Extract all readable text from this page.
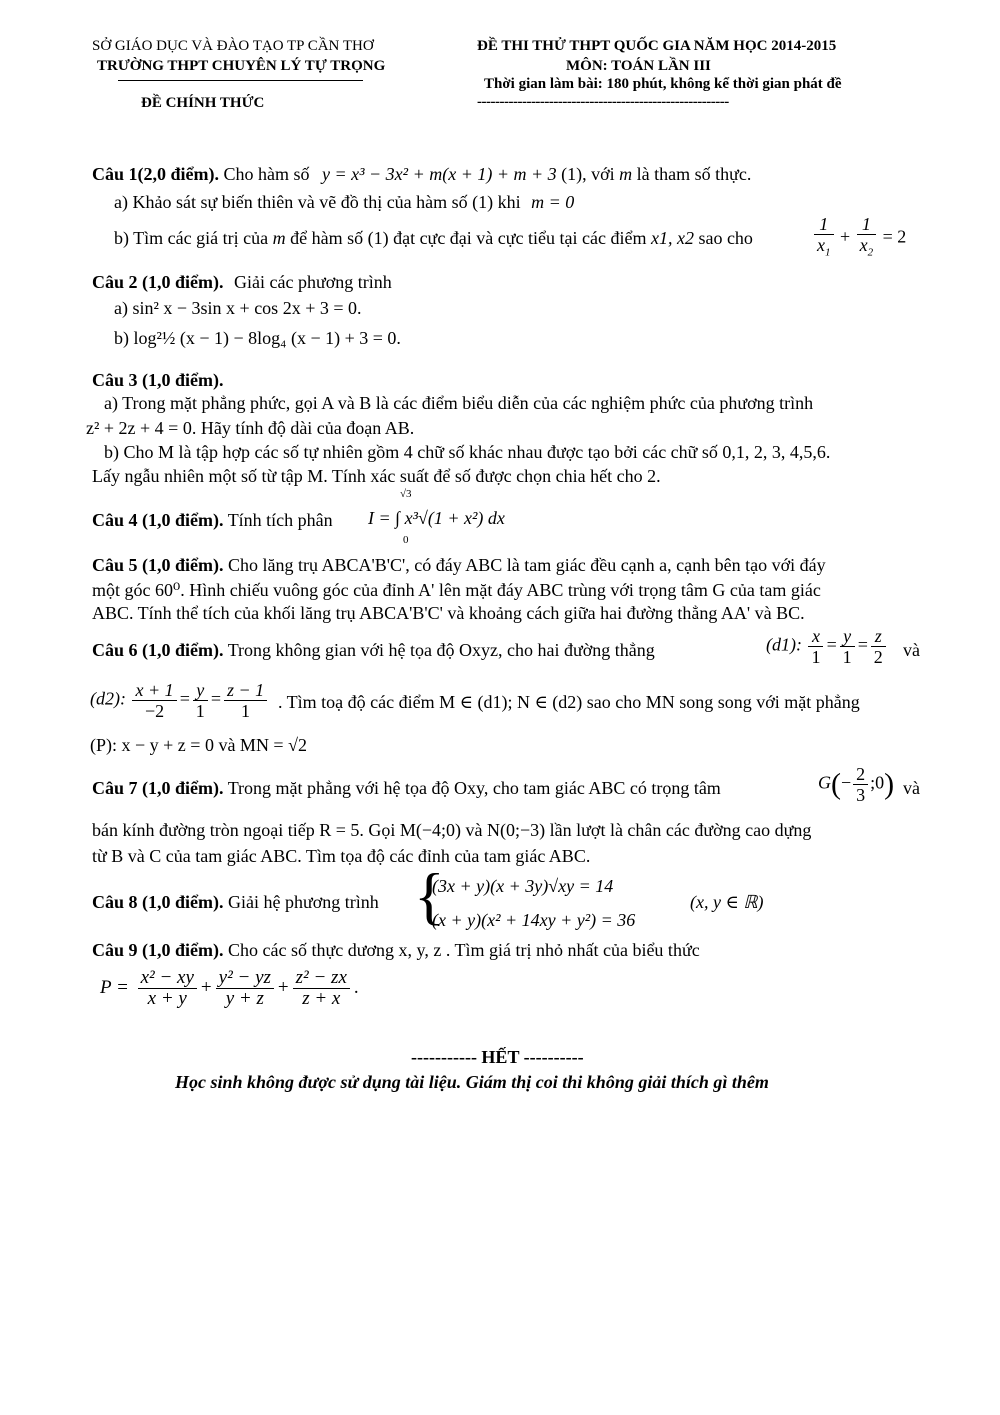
SỞ GIÁO DỤC VÀ ĐÀO TẠO TP CẦN THƠ
TRƯỜNG THPT CHUYÊN LÝ TỰ TRỌNG
ĐỀ CHÍNH THỨC
ĐỀ THI THỬ THPT QUỐC GIA NĂM HỌC 2014-2015
MÔN: TOÁN LẦN III
Thời gian làm bài: 180 phút, không kể thời gian phát đề
--------------------------------------------------------
Câu 1(2,0 điểm). Cho hàm số y = x³ − 3x² + m(x + 1) + m + 3 (1), với m là tham số thực.
a) Khảo sát sự biến thiên và vẽ đồ thị của hàm số (1) khi m = 0
b) Tìm các giá trị của m để hàm số (1) đạt cực đại và cực tiểu tại các điểm x1, x2 sao cho	$\frac{1}{x_1} + \frac{1}{x_2} = 2$
Câu 2 (1,0 điểm). Giải các phương trình
a) sin² x − 3sin x + cos 2x + 3 = 0.
b) log²½ (x − 1) − 8log₄ (x − 1) + 3 = 0.
Câu 3 (1,0 điểm).
a) Trong mặt phẳng phức, gọi A và B là các điểm biểu diễn của các nghiệm phức của phương trình
z² + 2z + 4 = 0. Hãy tính độ dài của đoạn AB.
b) Cho M là tập hợp các số tự nhiên gồm 4 chữ số khác nhau được tạo bởi các chữ số 0,1, 2, 3, 4,5,6.
Lấy ngẫu nhiên một số từ tập M. Tính xác suất để số được chọn chia hết cho 2.
Câu 4 (1,0 điểm). Tính tích phân
√3
0
I = ∫ x³√(1 + x²) dx
Câu 5 (1,0 điểm). Cho lăng trụ ABCA'B'C', có đáy ABC là tam giác đều cạnh a, cạnh bên tạo với đáy
một góc 60⁰. Hình chiếu vuông góc của đỉnh A' lên mặt đáy ABC trùng với trọng tâm G của tam giác
ABC. Tính thể tích của khối lăng trụ ABCA'B'C' và khoảng cách giữa hai đường thẳng AA' và BC.
Câu 6 (1,0 điểm). Trong không gian với hệ tọa độ Oxyz, cho hai đường thẳng	(d1): $\frac{x}{1} = \frac{y}{1} = \frac{z}{2}$ và
(d2): $\frac{x + 1}{-2} = \frac{y}{1} = \frac{z - 1}{1}$ . Tìm toạ độ các điểm M ∈ (d1); N ∈ (d2) sao cho MN song song với mặt phẳng
(P): x − y + z = 0 và MN = √2
Câu 7 (1,0 điểm). Trong mặt phẳng với hệ tọa độ Oxy, cho tam giác ABC có trọng tâm	$G(- \frac{2}{3}$ ;0) và
bán kính đường tròn ngoại tiếp R = 5. Gọi M(−4;0) và N(0;−3) lần lượt là chân các đường cao dựng
từ B và C của tam giác ABC. Tìm tọa độ các đỉnh của tam giác ABC.
Câu 8 (1,0 điểm). Giải hệ phương trình {
(3x + y)(x + 3y)√xy = 14
(x + y)(x² + 14xy + y²) = 36
(x, y ∈ ℝ)
Câu 9 (1,0 điểm). Cho các số thực dương x, y, z . Tìm giá trị nhỏ nhất của biểu thức
$P = \frac{\text{x² − xy}}{x + y} + \frac{\text{y² − yz}}{y + z} + \frac{\text{z² − zx}}{z + x}$ .
----------- HẾT ----------
Học sinh không được sử dụng tài liệu. Giám thị coi thi không giải thích gì thêm
